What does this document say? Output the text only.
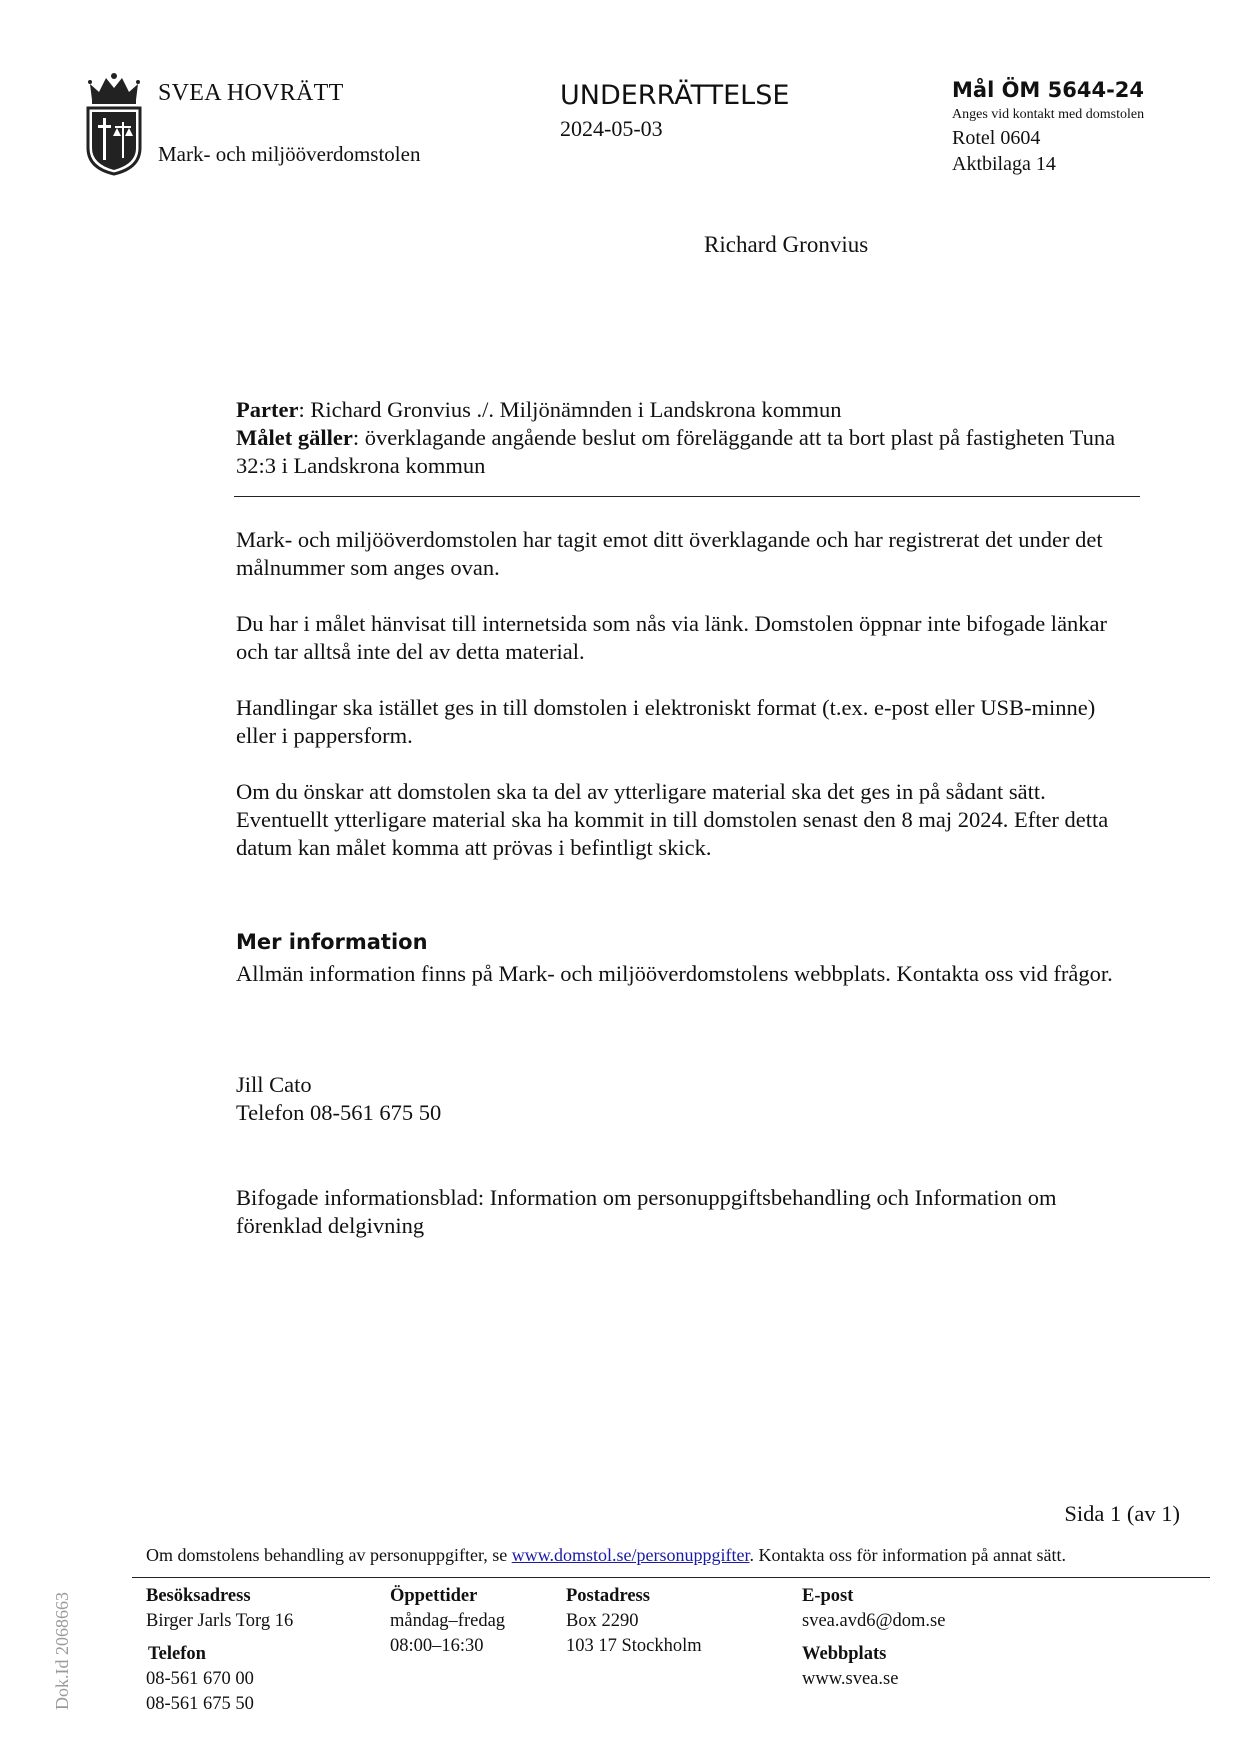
SVEA HOVRÄTT
Mark- och miljööverdomstolen
UNDERRÄTTELSE
2024-05-03
Mål ÖM 5644-24
Anges vid kontakt med domstolen
Rotel 0604
Aktbilaga 14
Richard Gronvius
Parter: Richard Gronvius ./. Miljönämnden i Landskrona kommun
Målet gäller: överklagande angående beslut om föreläggande att ta bort plast på fastigheten Tuna 32:3 i Landskrona kommun

Mark- och miljööverdomstolen har tagit emot ditt överklagande och har registrerat det under det målnummer som anges ovan.

Du har i målet hänvisat till internetsida som nås via länk. Domstolen öppnar inte bifogade länkar och tar alltså inte del av detta material.

Handlingar ska istället ges in till domstolen i elektroniskt format (t.ex. e-post eller USB-minne) eller i pappersform.

Om du önskar att domstolen ska ta del av ytterligare material ska det ges in på sådant sätt. Eventuellt ytterligare material ska ha kommit in till domstolen senast den 8 maj 2024. Efter detta datum kan målet komma att prövas i befintligt skick.

Mer information
Allmän information finns på Mark- och miljööverdomstolens webbplats. Kontakta oss vid frågor.
Jill Cato
Telefon 08-561 675 50
Bifogade informationsblad: Information om personuppgiftsbehandling och Information om förenklad delgivning
Sida 1 (av 1)
Om domstolens behandling av personuppgifter, se www.domstol.se/personuppgifter. Kontakta oss för information på annat sätt.
Besöksadress
Birger Jarls Torg 16
Telefon
08-561 670 00
08-561 675 50
Öppettider
måndag–fredag
08:00–16:30
Postadress
Box 2290
103 17 Stockholm
E-post
svea.avd6@dom.se
Webbplats
www.svea.se
Dok.Id 2068663
